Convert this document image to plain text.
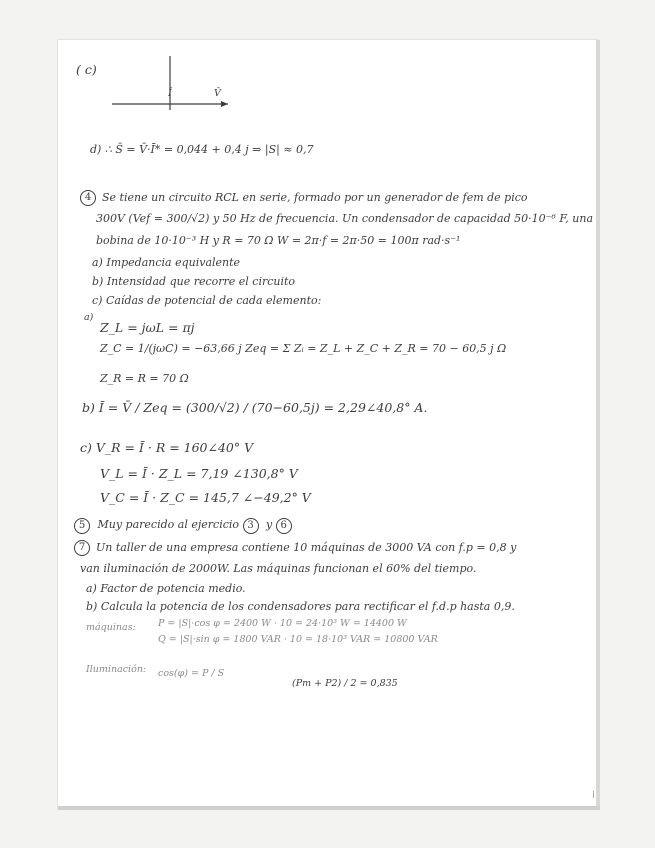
( c)
Ī	V̄
d) ∴ S̄ = V̄·Ī* = 0,044 + 0,4 j ⇒ |S| ≈ 0,7
4 Se tiene un circuito RCL en serie, formado por un generador de fem de pico
300V (Vef = 300/√2) y 50 Hz de frecuencia. Un condensador de capacidad 50·10⁻⁶ F, una
bobina de 10·10⁻³ H y R = 70 Ω W = 2π·f = 2π·50 = 100π rad·s⁻¹
a) Impedancia equivalente
b) Intensidad que recorre el circuito
c) Caídas de potencial de cada elemento:
a)
Z_L = jωL = πj
Z_C = 1/(jωC) = −63,66 j Zeq = Σ Zᵢ = Z_L + Z_C + Z_R = 70 − 60,5 j Ω
Z_R = R = 70 Ω
b) Ī = V̄ / Zeq = (300/√2) / (70−60,5j) = 2,29∠40,8° A.
c) V_R = Ī · R = 160∠40° V
V_L = Ī · Z_L = 7,19 ∠130,8° V
V_C = Ī · Z_C = 145,7 ∠−49,2° V
5 Muy parecido al ejercicio 3 y 6
7 Un taller de una empresa contiene 10 máquinas de 3000 VA con f.p = 0,8 y
van iluminación de 2000W. Las máquinas funcionan el 60% del tiempo.
a) Factor de potencia medio.
b) Calcula la potencia de los condensadores para rectificar el f.d.p hasta 0,9.
máquinas: P = |S|·cos φ = 2400 W · 10 = 24·10³ W = 14400 W
Q = |S|·sin φ = 1800 VAR · 10 = 18·10³ VAR = 10800 VAR
Iluminación: cos(φ) = P / S
(Pm + P2) / 2 = 0,835
ǀ
